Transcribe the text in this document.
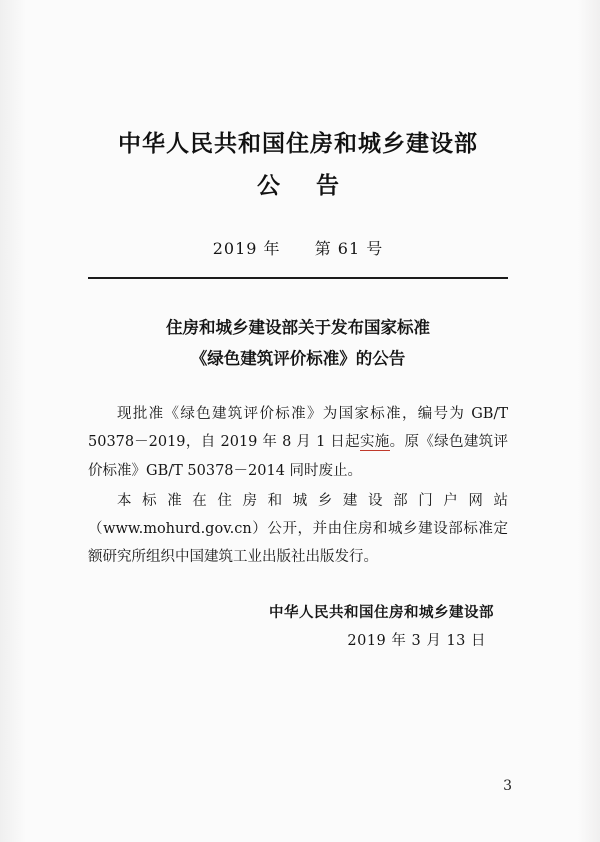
中华人民共和国住房和城乡建设部
公 告
2019 年 第 61 号
住房和城乡建设部关于发布国家标准
《绿色建筑评价标准》的公告

现批准《绿色建筑评价标准》为国家标准，编号为 GB/T 50378－2019，自 2019 年 8 月 1 日起实施。原《绿色建筑评价标准》GB/T 50378－2014 同时废止。

本标准在住房和城乡建设部门户网站（www.mohurd.gov.cn）公开，并由住房和城乡建设部标准定额研究所组织中国建筑工业出版社出版发行。

中华人民共和国住房和城乡建设部
2019 年 3 月 13 日
3
